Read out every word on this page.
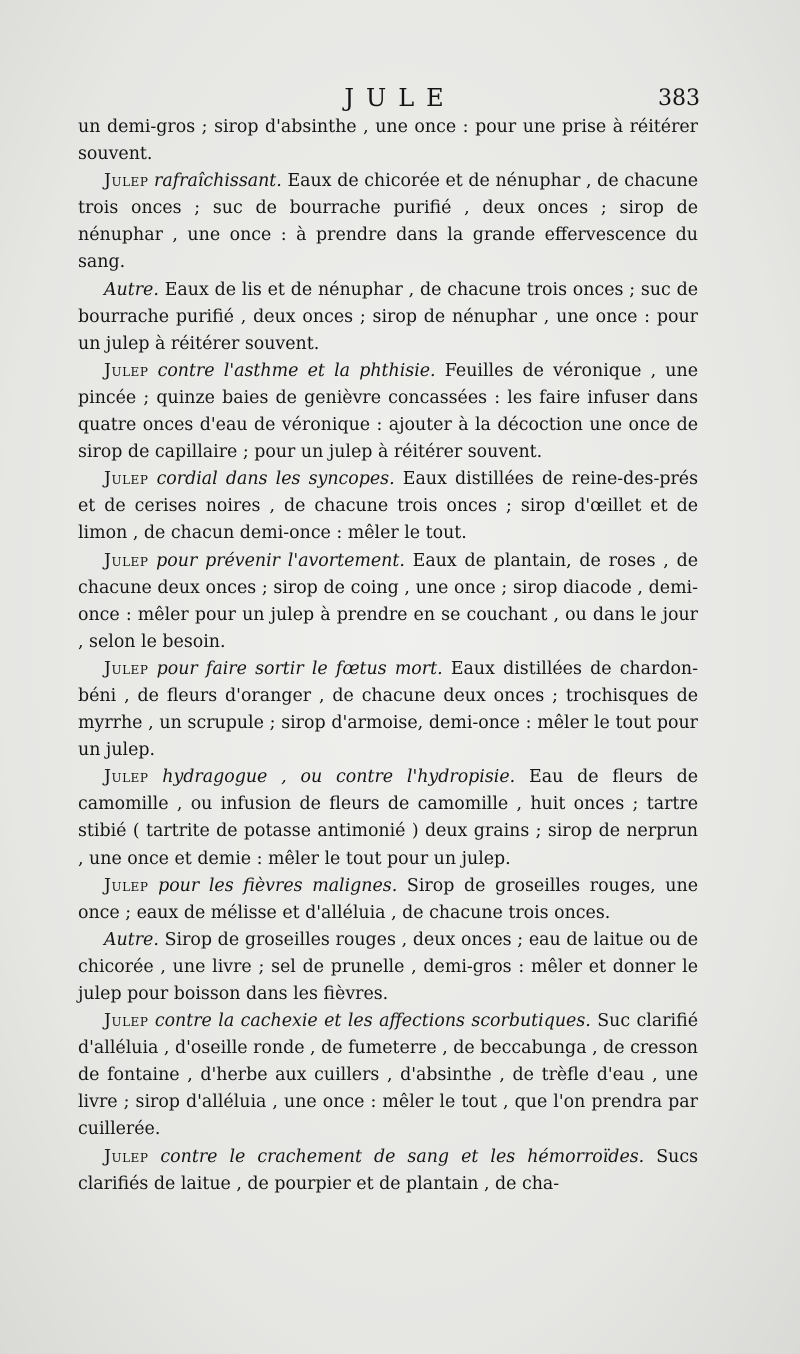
JULE	383

un demi-gros ; sirop d'absinthe , une once : pour une prise à réitérer souvent.

Julep rafraîchissant. Eaux de chicorée et de nénuphar , de chacune trois onces ; suc de bourrache purifié , deux onces ; sirop de nénuphar , une once : à prendre dans la grande effervescence du sang.

Autre. Eaux de lis et de nénuphar , de chacune trois onces ; suc de bourrache purifié , deux onces ; sirop de nénuphar , une once : pour un julep à réitérer souvent.

Julep contre l'asthme et la phthisie. Feuilles de véronique , une pincée ; quinze baies de genièvre concassées : les faire infuser dans quatre onces d'eau de véronique : ajouter à la décoction une once de sirop de capillaire ; pour un julep à réitérer souvent.

Julep cordial dans les syncopes. Eaux distillées de reine-des-prés et de cerises noires , de chacune trois onces ; sirop d'œillet et de limon , de chacun demi-once : mêler le tout.

Julep pour prévenir l'avortement. Eaux de plantain, de roses , de chacune deux onces ; sirop de coing , une once ; sirop diacode , demi-once : mêler pour un julep à prendre en se couchant , ou dans le jour , selon le besoin.

Julep pour faire sortir le fœtus mort. Eaux distillées de chardon-béni , de fleurs d'oranger , de chacune deux onces ; trochisques de myrrhe , un scrupule ; sirop d'armoise, demi-once : mêler le tout pour un julep.

Julep hydragogue , ou contre l'hydropisie. Eau de fleurs de camomille , ou infusion de fleurs de camomille , huit onces ; tartre stibié ( tartrite de potasse antimonié ) deux grains ; sirop de nerprun , une once et demie : mêler le tout pour un julep.

Julep pour les fièvres malignes. Sirop de groseilles rouges, une once ; eaux de mélisse et d'alléluia , de chacune trois onces.

Autre. Sirop de groseilles rouges , deux onces ; eau de laitue ou de chicorée , une livre ; sel de prunelle , demi-gros : mêler et donner le julep pour boisson dans les fièvres.

Julep contre la cachexie et les affections scorbutiques. Suc clarifié d'alléluia , d'oseille ronde , de fumeterre , de beccabunga , de cresson de fontaine , d'herbe aux cuillers , d'absinthe , de trèfle d'eau , une livre ; sirop d'alléluia , une once : mêler le tout , que l'on prendra par cuillerée.

Julep contre le crachement de sang et les hémorroïdes. Sucs clarifiés de laitue , de pourpier et de plantain , de cha-
